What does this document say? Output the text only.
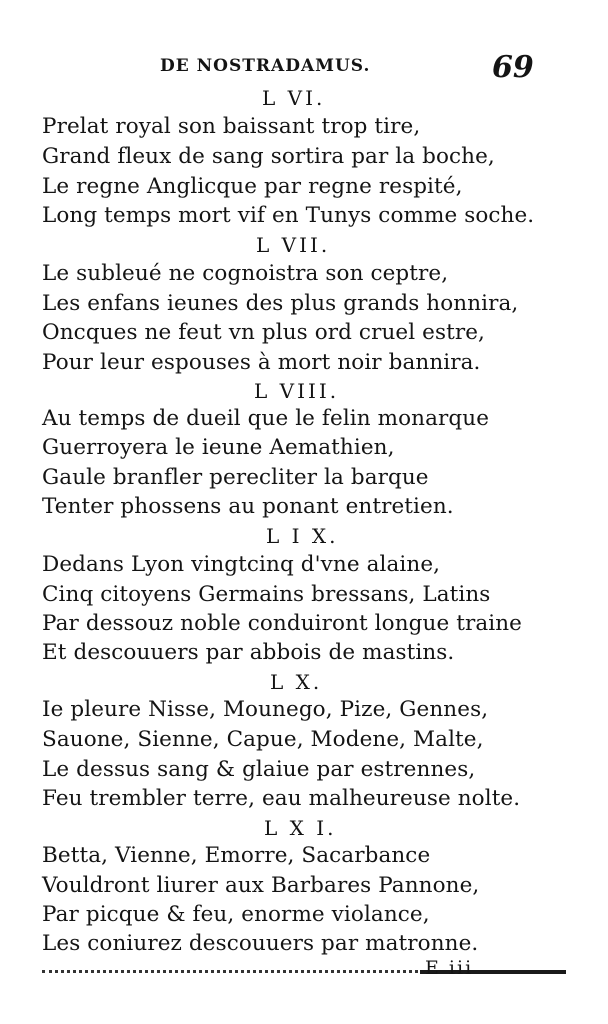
DE NOSTRADAMUS.	69
L VI.
Prelat royal son baissant trop tire,
Grand fleux de sang sortira par la boche,
Le regne Anglicque par regne respité,
Long temps mort vif en Tunys comme soche.
L VII.
Le subleué ne cognoistra son ceptre,
Les enfans ieunes des plus grands honnira,
Oncques ne feut vn plus ord cruel estre,
Pour leur espouses à mort noir bannira.
L VIII.
Au temps de dueil que le felin monarque
Guerroyera le ieune Aemathien,
Gaule branfler perecliter la barque
Tenter phossens au ponant entretien.
L I X.
Dedans Lyon vingtcinq d'vne alaine,
Cinq citoyens Germains bressans, Latins
Par dessouz noble conduiront longue traine
Et descouuers par abbois de mastins.
L X.
Ie pleure Nisse, Mounego, Pize, Gennes,
Sauone, Sienne, Capue, Modene, Malte,
Le dessus sang & glaiue par estrennes,
Feu trembler terre, eau malheureuse nolte.
L X I.
Betta, Vienne, Emorre, Sacarbance
Vouldront liurer aux Barbares Pannone,
Par picque & feu, enorme violance,
Les coniurez descouuers par matronne.
E iii
